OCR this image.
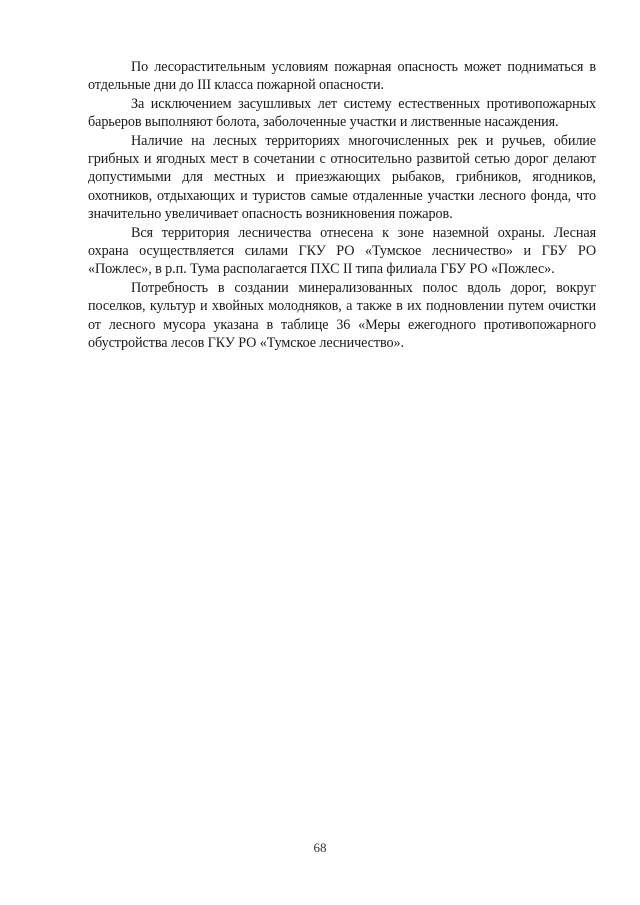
По лесорастительным условиям пожарная опасность может подниматься в отдельные дни до III класса пожарной опасности.

За исключением засушливых лет систему естественных противопожарных барьеров выполняют болота, заболоченные участки и лиственные насаждения.

Наличие на лесных территориях многочисленных рек и ручьев, обилие грибных и ягодных мест в сочетании с относительно развитой сетью дорог делают допустимыми для местных и приезжающих рыбаков, грибников, ягодников, охотников, отдыхающих и туристов самые отдаленные участки лесного фонда, что значительно увеличивает опасность возникновения пожаров.

Вся территория лесничества отнесена к зоне наземной охраны. Лесная охрана осуществляется силами ГКУ РО «Тумское лесничество» и ГБУ РО «Пожлес», в р.п. Тума располагается ПХС II типа филиала ГБУ РО «Пожлес».

Потребность в создании минерализованных полос вдоль дорог, вокруг поселков, культур и хвойных молодняков, а также в их подновлении путем очистки от лесного мусора указана в таблице 36 «Меры ежегодного противопожарного обустройства лесов ГКУ РО «Тумское лесничество».

68
